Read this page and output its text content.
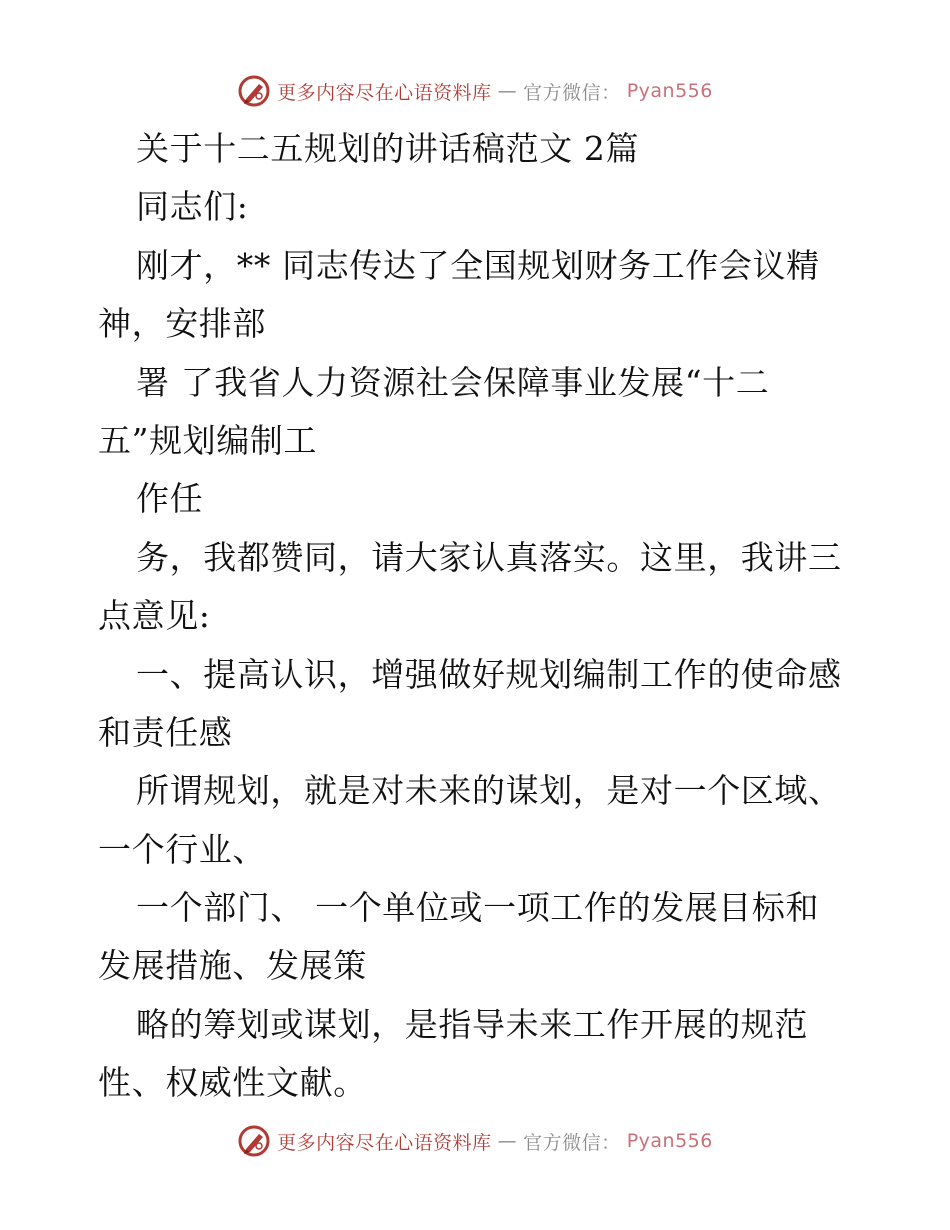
更多内容尽在心语资料库 — 官方微信： Pyan556
关于十二五规划的讲话稿范文 2篇
同志们:
刚才，** 同志传达了全国规划财务工作会议精
神，安排部
署 了我省人力资源社会保障事业发展“十二
五”规划编制工
作任
务，我都赞同，请大家认真落实。这里，我讲三
点意见:
一、提高认识，增强做好规划编制工作的使命感
和责任感
所谓规划，就是对未来的谋划，是对一个区域、
一个行业、
一个部门、 一个单位或一项工作的发展目标和
发展措施、发展策
略的筹划或谋划，是指导未来工作开展的规范
性、权威性文献。
更多内容尽在心语资料库 — 官方微信： Pyan556
